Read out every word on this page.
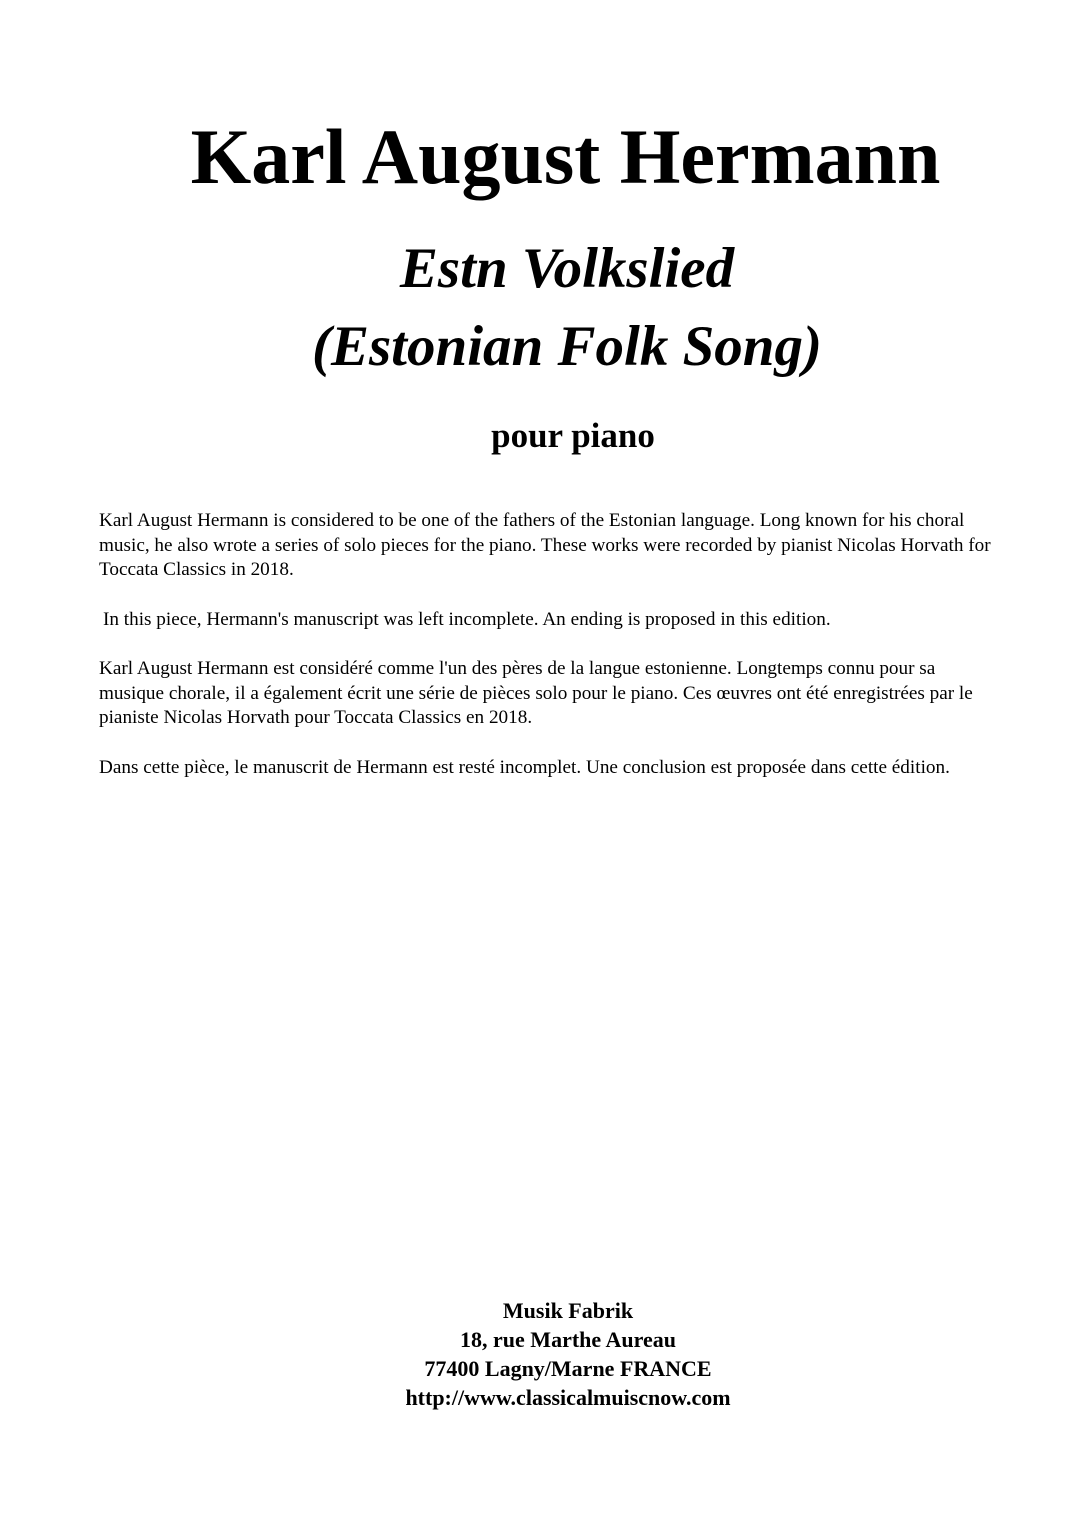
Karl August Hermann
Estn Volkslied
(Estonian Folk Song)
pour piano

Karl August Hermann is considered to be one of the fathers of the Estonian language. Long known for his choral music, he also wrote a series of solo pieces for the piano. These works were recorded by pianist Nicolas Horvath for Toccata Classics in 2018.

In this piece, Hermann's manuscript was left incomplete. An ending is proposed in this edition.

Karl August Hermann est considéré comme l'un des pères de la langue estonienne. Longtemps connu pour sa musique chorale, il a également écrit une série de pièces solo pour le piano. Ces œuvres ont été enregistrées par le pianiste Nicolas Horvath pour Toccata Classics en 2018.

Dans cette pièce, le manuscrit de Hermann est resté incomplet. Une conclusion est proposée dans cette édition.

Musik Fabrik
18, rue Marthe Aureau
77400 Lagny/Marne FRANCE
http://www.classicalmuiscnow.com
